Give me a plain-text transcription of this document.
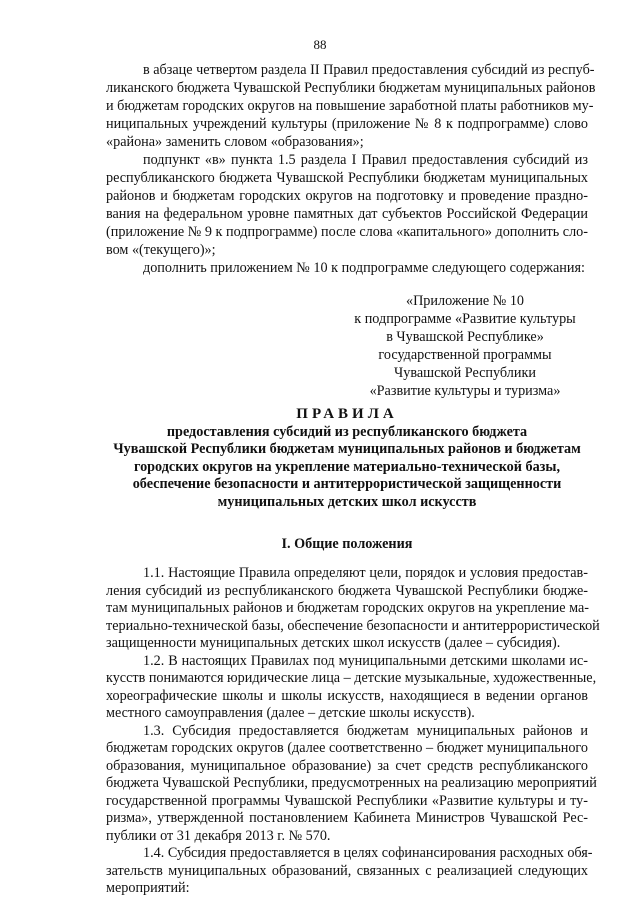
88
в абзаце четвертом раздела II Правил предоставления субсидий из респуб-
ликанского бюджета Чувашской Республики бюджетам муниципальных районов
и бюджетам городских округов на повышение заработной платы работников му-
ниципальных учреждений культуры (приложение № 8 к подпрограмме) слово
«района» заменить словом «образования»;
подпункт «в» пункта 1.5 раздела I Правил предоставления субсидий из
республиканского бюджета Чувашской Республики бюджетам муниципальных
районов и бюджетам городских округов на подготовку и проведение праздно-
вания на федеральном уровне памятных дат субъектов Российской Федерации
(приложение № 9 к подпрограмме) после слова «капитального» дополнить сло-
вом «(текущего)»;
дополнить приложением № 10 к подпрограмме следующего содержания:
«Приложение № 10
к подпрограмме «Развитие культуры
в Чувашской Республике»
государственной программы
Чувашской Республики
«Развитие культуры и туризма»
ПРАВИЛА
предоставления субсидий из республиканского бюджета
Чувашской Республики бюджетам муниципальных районов и бюджетам
городских округов на укрепление материально-технической базы,
обеспечение безопасности и антитеррористической защищенности
муниципальных детских школ искусств
I. Общие положения
1.1. Настоящие Правила определяют цели, порядок и условия предостав-
ления субсидий из республиканского бюджета Чувашской Республики бюдже-
там муниципальных районов и бюджетам городских округов на укрепление ма-
териально-технической базы, обеспечение безопасности и антитеррористической
защищенности муниципальных детских школ искусств (далее – субсидия).
1.2. В настоящих Правилах под муниципальными детскими школами ис-
кусств понимаются юридические лица – детские музыкальные, художественные,
хореографические школы и школы искусств, находящиеся в ведении органов
местного самоуправления (далее – детские школы искусств).
1.3. Субсидия предоставляется бюджетам муниципальных районов и
бюджетам городских округов (далее соответственно – бюджет муниципального
образования, муниципальное образование) за счет средств республиканского
бюджета Чувашской Республики, предусмотренных на реализацию мероприятий
государственной программы Чувашской Республики «Развитие культуры и ту-
ризма», утвержденной постановлением Кабинета Министров Чувашской Рес-
публики от 31 декабря 2013 г. № 570.
1.4. Субсидия предоставляется в целях софинансирования расходных обя-
зательств муниципальных образований, связанных с реализацией следующих
мероприятий:
